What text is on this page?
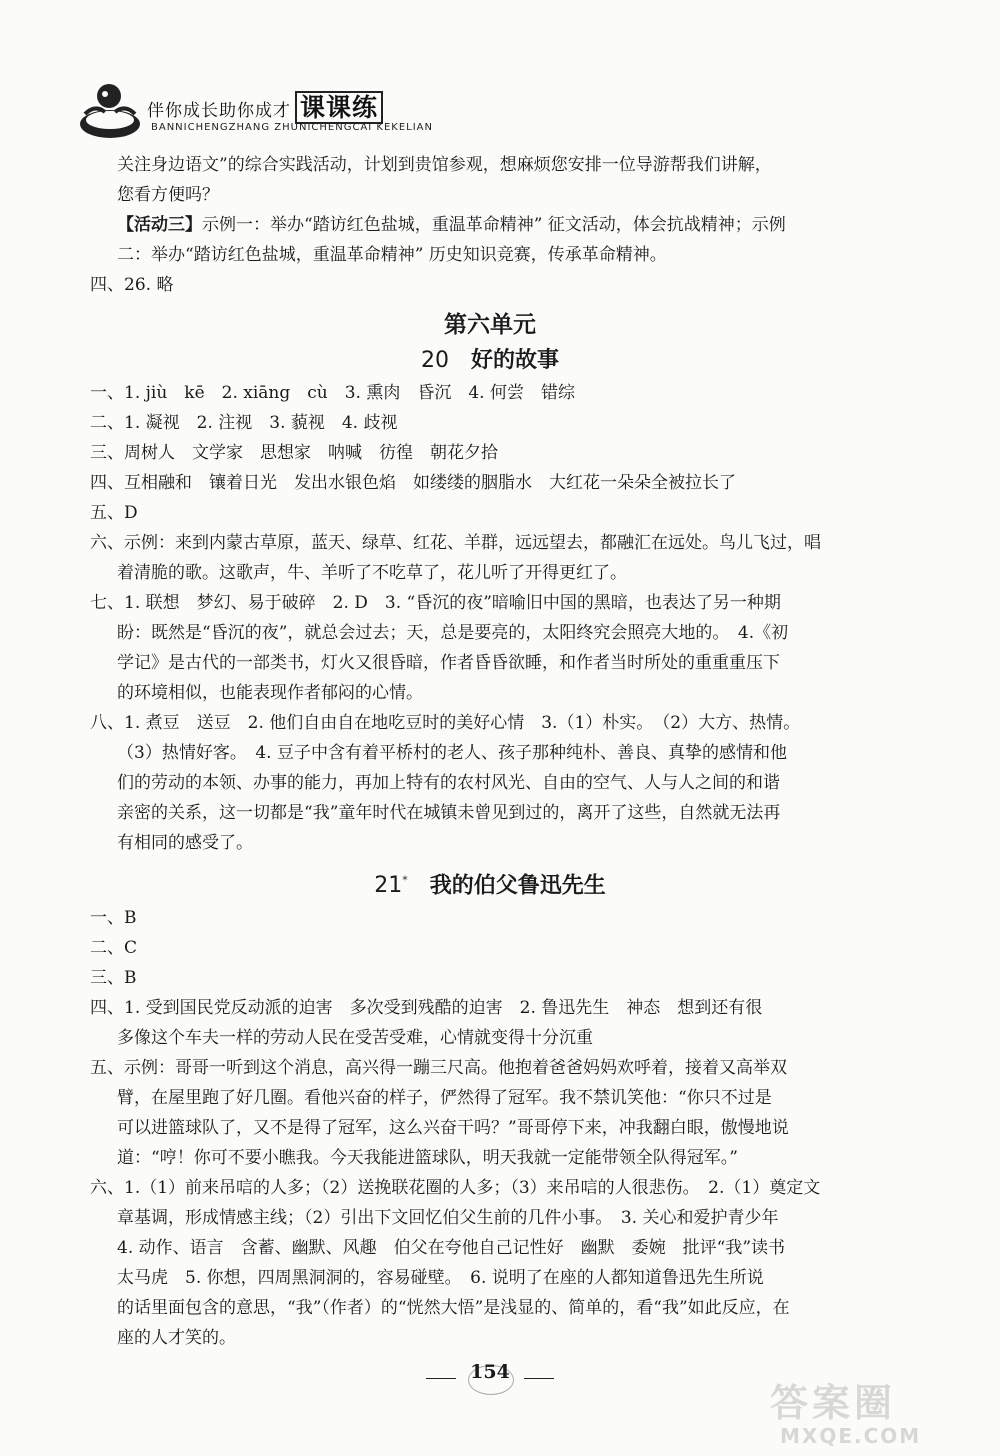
伴你成长助你成才 课课练
BANNICHENGZHANG ZHUNICHENGCAI KEKELIAN

关注身边语文”的综合实践活动，计划到贵馆参观，想麻烦您安排一位导游帮我们讲解，

您看方便吗？

【活动三】示例一：举办“踏访红色盐城，重温革命精神” 征文活动，体会抗战精神；示例

二：举办“踏访红色盐城，重温革命精神” 历史知识竞赛，传承革命精神。

四、26. 略

第六单元
20 好的故事

一、1. jiù　kē　2. xiāng　cù　3. 熏肉　昏沉　4. 何尝　错综

二、1. 凝视　2. 注视　3. 藐视　4. 歧视

三、周树人　文学家　思想家　呐喊　彷徨　朝花夕拾

四、互相融和　镶着日光　发出水银色焰　如缕缕的胭脂水　大红花一朵朵全被拉长了

五、D

六、示例：来到内蒙古草原，蓝天、绿草、红花、羊群，远远望去，都融汇在远处。鸟儿飞过，唱

着清脆的歌。这歌声，牛、羊听了不吃草了，花儿听了开得更红了。

七、1. 联想　梦幻、易于破碎　2. D　3. “昏沉的夜”暗喻旧中国的黑暗，也表达了另一种期

盼：既然是“昏沉的夜”，就总会过去；天，总是要亮的，太阳终究会照亮大地的。　4.《初

学记》是古代的一部类书，灯火又很昏暗，作者昏昏欲睡，和作者当时所处的重重重压下

的环境相似，也能表现作者郁闷的心情。

八、1. 煮豆　送豆　2. 他们自由自在地吃豆时的美好心情　3.（1）朴实。　（2）大方、热情。

（3）热情好客。　4. 豆子中含有着平桥村的老人、孩子那种纯朴、善良、真挚的感情和他

们的劳动的本领、办事的能力，再加上特有的农村风光、自由的空气、人与人之间的和谐

亲密的关系，这一切都是“我”童年时代在城镇未曾见到过的，离开了这些，自然就无法再

有相同的感受了。

21* 我的伯父鲁迅先生

一、B

二、C

三、B

四、1. 受到国民党反动派的迫害　多次受到残酷的迫害　2. 鲁迅先生　神态　想到还有很

多像这个车夫一样的劳动人民在受苦受难，心情就变得十分沉重

五、示例：哥哥一听到这个消息，高兴得一蹦三尺高。他抱着爸爸妈妈欢呼着，接着又高举双

臂，在屋里跑了好几圈。看他兴奋的样子，俨然得了冠军。我不禁讥笑他：“你只不过是

可以进篮球队了，又不是得了冠军，这么兴奋干吗？”哥哥停下来，冲我翻白眼，傲慢地说

道：“哼！你可不要小瞧我。今天我能进篮球队，明天我就一定能带领全队得冠军。”

六、1.（1）前来吊唁的人多；（2）送挽联花圈的人多；（3）来吊唁的人很悲伤。　2.（1）奠定文

章基调，形成情感主线；（2）引出下文回忆伯父生前的几件小事。　3. 关心和爱护青少年

4. 动作、语言　含蓄、幽默、风趣　伯父在夸他自己记性好　幽默　委婉　批评“我”读书

太马虎　5. 你想，四周黑洞洞的，容易碰壁。　6. 说明了在座的人都知道鲁迅先生所说

的话里面包含的意思，“我”（作者）的“恍然大悟”是浅显的、简单的，看“我”如此反应，在

座的人才笑的。

154
答案圈
MXQE.COM
